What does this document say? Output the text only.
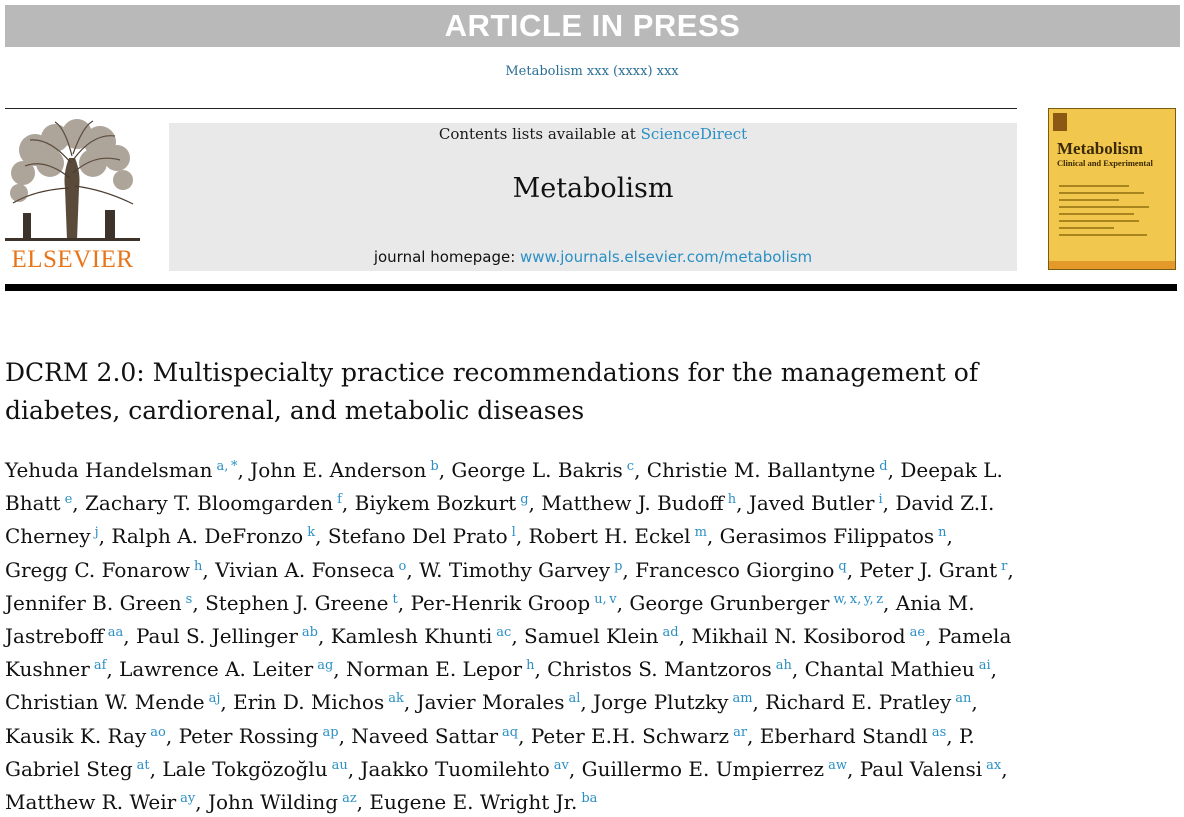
ARTICLE IN PRESS
Metabolism xxx (xxxx) xxx
ELSEVIER
Contents lists available at ScienceDirect
Metabolism
journal homepage: www.journals.elsevier.com/metabolism
Metabolism
Clinical and Experimental
DCRM 2.0: Multispecialty practice recommendations for the management of diabetes, cardiorenal, and metabolic diseases
Yehuda Handelsman  $^{a, *}$, John E. Anderson  $^b$, George L. Bakris  $^c$, Christie M. Ballantyne  $^d$, Deepak L. Bhatt  $^e$, Zachary T. Bloomgarden  $^f$, Biykem Bozkurt  $^g$, Matthew J. Budoff  $^h$, Javed Butler  $^i$, David Z.I. Cherney  $^j$, Ralph A. DeFronzo  $^k$, Stefano Del Prato  $^l$, Robert H. Eckel  $^m$, Gerasimos Filippatos  $^n$, Gregg C. Fonarow  $^h$, Vivian A. Fonseca  $^o$, W. Timothy Garvey  $^p$, Francesco Giorgino  $^q$, Peter J. Grant  $^r$, Jennifer B. Green  $^s$, Stephen J. Greene  $^t$, Per-Henrik Groop  $^{u, v}$, George Grunberger  $^{w, x, y, z}$, Ania M. Jastreboff  $^{aa}$, Paul S. Jellinger  $^{ab}$, Kamlesh Khunti  $^{ac}$, Samuel Klein  $^{ad}$, Mikhail N. Kosiborod  $^{ae}$, Pamela Kushner  $^{af}$, Lawrence A. Leiter  $^{ag}$, Norman E. Lepor  $^h$, Christos S. Mantzoros  $^{ah}$, Chantal Mathieu  $^{ai}$, Christian W. Mende  $^{aj}$, Erin D. Michos  $^{ak}$, Javier Morales  $^{al}$, Jorge Plutzky  $^{am}$, Richard E. Pratley  $^{an}$, Kausik K. Ray  $^{ao}$, Peter Rossing  $^{ap}$, Naveed Sattar  $^{aq}$, Peter E.H. Schwarz  $^{ar}$, Eberhard Standl  $^{as}$, P. Gabriel Steg  $^{at}$, Lale Tokgözoğlu  $^{au}$, Jaakko Tuomilehto  $^{av}$, Guillermo E. Umpierrez  $^{aw}$, Paul Valensi  $^{ax}$, Matthew R. Weir  $^{ay}$, John Wilding  $^{az}$, Eugene E. Wright Jr.  $^{ba}$
